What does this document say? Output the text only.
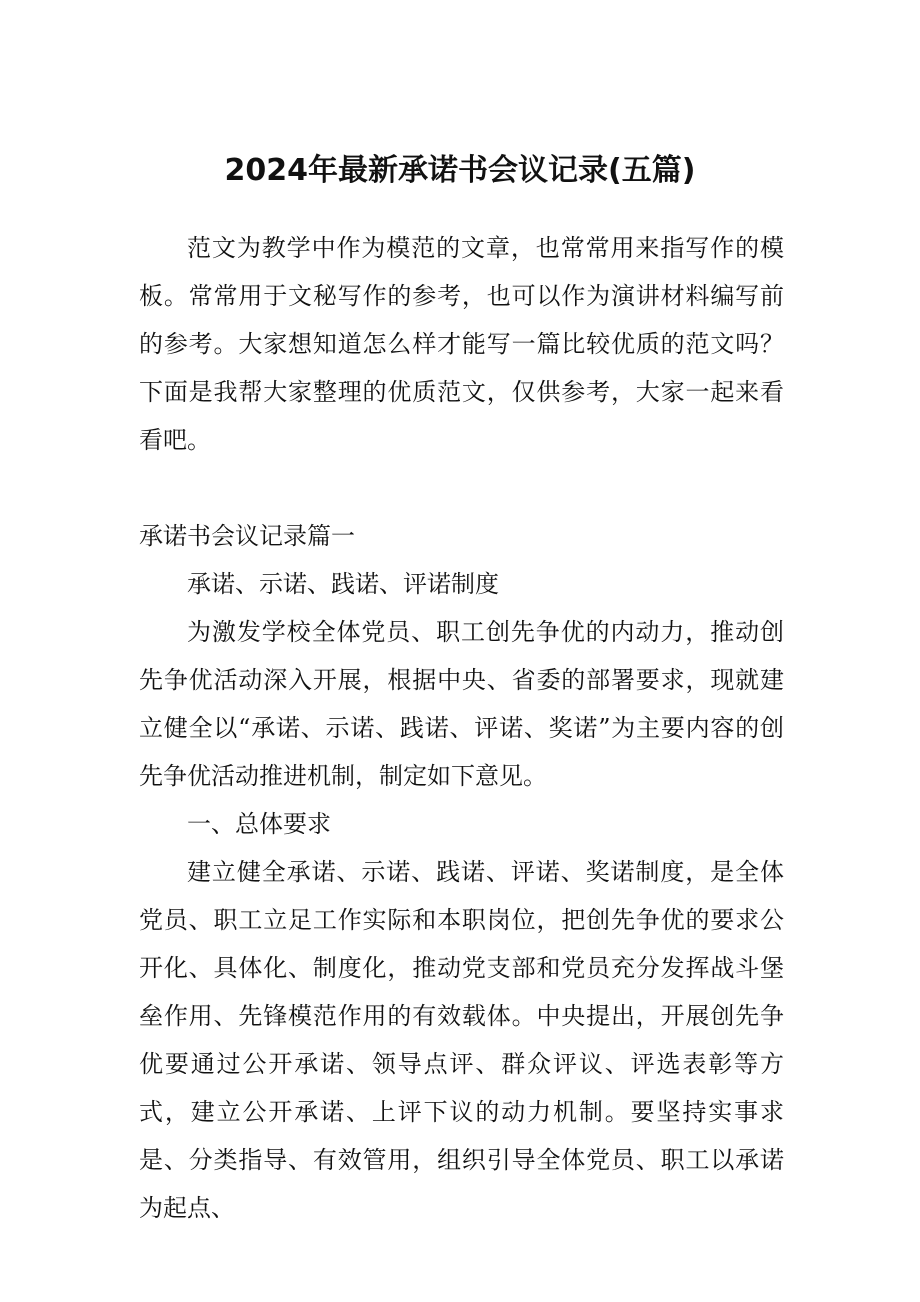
2024年最新承诺书会议记录(五篇)

范文为教学中作为模范的文章，也常常用来指写作的模板。常常用于文秘写作的参考，也可以作为演讲材料编写前的参考。大家想知道怎么样才能写一篇比较优质的范文吗？下面是我帮大家整理的优质范文，仅供参考，大家一起来看看吧。

承诺书会议记录篇一

承诺、示诺、践诺、评诺制度

为激发学校全体党员、职工创先争优的内动力，推动创先争优活动深入开展，根据中央、省委的部署要求，现就建立健全以“承诺、示诺、践诺、评诺、奖诺”为主要内容的创先争优活动推进机制，制定如下意见。

一、总体要求

建立健全承诺、示诺、践诺、评诺、奖诺制度，是全体党员、职工立足工作实际和本职岗位，把创先争优的要求公开化、具体化、制度化，推动党支部和党员充分发挥战斗堡垒作用、先锋模范作用的有效载体。中央提出，开展创先争优要通过公开承诺、领导点评、群众评议、评选表彰等方式，建立公开承诺、上评下议的动力机制。要坚持实事求是、分类指导、有效管用，组织引导全体党员、职工以承诺为起点、
